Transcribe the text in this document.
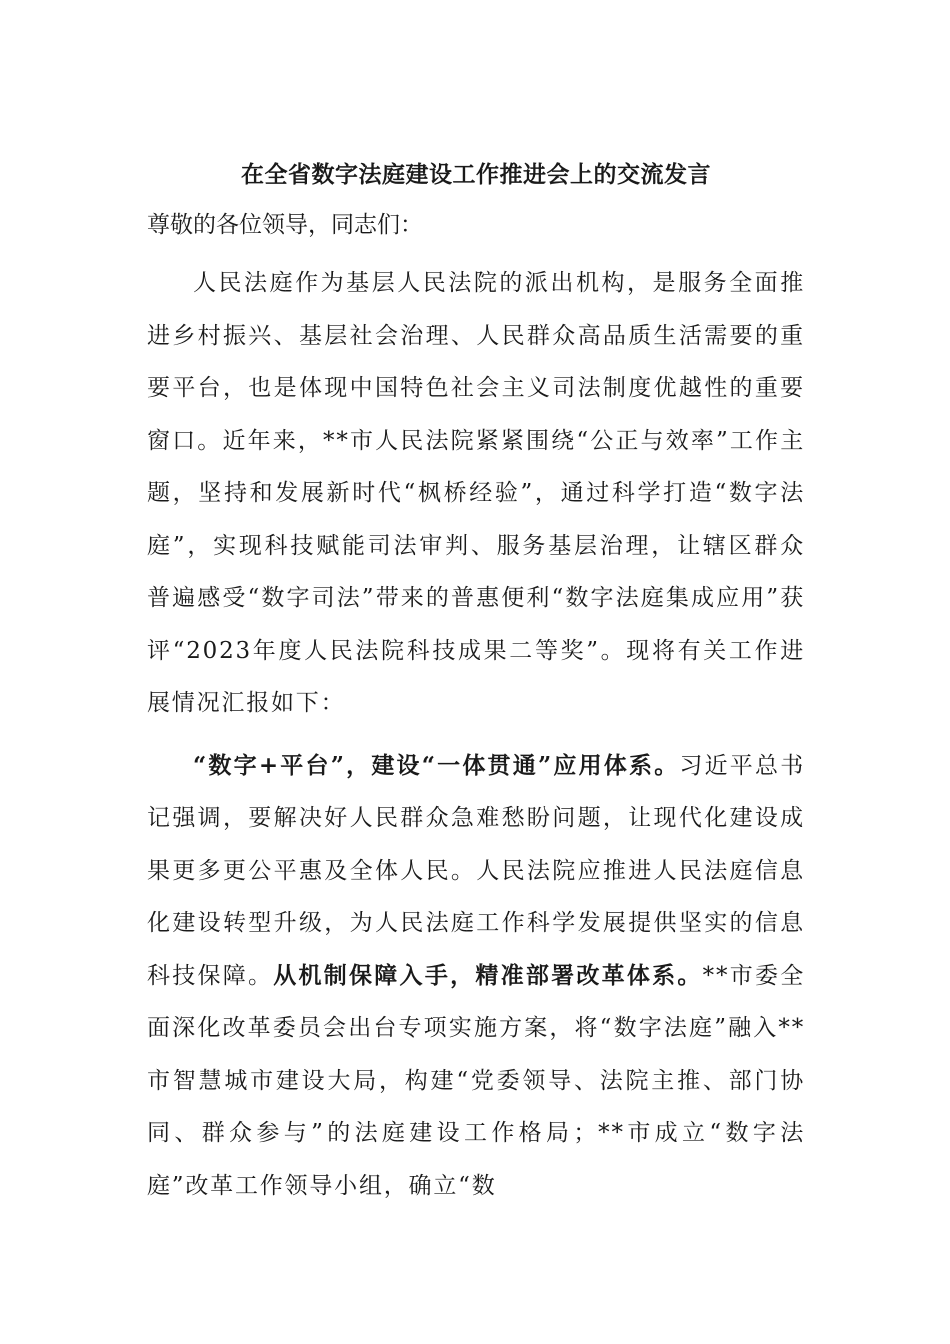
在全省数字法庭建设工作推进会上的交流发言

尊敬的各位领导，同志们：

人民法庭作为基层人民法院的派出机构，是服务全面推进乡村振兴、基层社会治理、人民群众高品质生活需要的重要平台，也是体现中国特色社会主义司法制度优越性的重要窗口。近年来，**市人民法院紧紧围绕“公正与效率”工作主题，坚持和发展新时代“枫桥经验”，通过科学打造“数字法庭”，实现科技赋能司法审判、服务基层治理，让辖区群众普遍感受“数字司法”带来的普惠便利“数字法庭集成应用”获评“2023年度人民法院科技成果二等奖”。现将有关工作进展情况汇报如下：

“数字+平台”，建设“一体贯通”应用体系。习近平总书记强调，要解决好人民群众急难愁盼问题，让现代化建设成果更多更公平惠及全体人民。人民法院应推进人民法庭信息化建设转型升级，为人民法庭工作科学发展提供坚实的信息科技保障。从机制保障入手，精准部署改革体系。**市委全面深化改革委员会出台专项实施方案，将“数字法庭”融入**市智慧城市建设大局，构建“党委领导、法院主推、部门协同、群众参与”的法庭建设工作格局；**市成立“数字法庭”改革工作领导小组，确立“数
